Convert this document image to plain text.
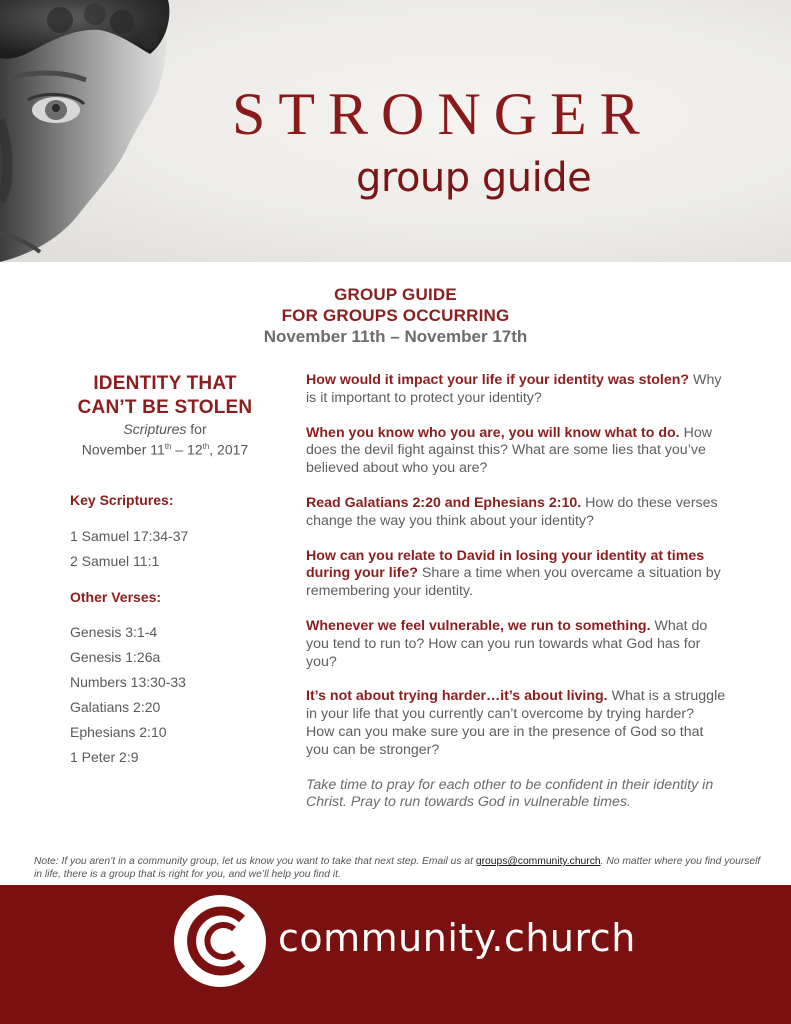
STRONGER
group guide
GROUP GUIDE
FOR GROUPS OCCURRING
November 11th – November 17th
IDENTITY THAT
CAN’T BE STOLEN
Scriptures for
November 11th – 12th, 2017
Key Scriptures:
1 Samuel 17:34-37
2 Samuel 11:1
Other Verses:
Genesis 3:1-4
Genesis 1:26a
Numbers 13:30-33
Galatians 2:20
Ephesians 2:10
1 Peter 2:9

How would it impact your life if your identity was stolen? Why is it important to protect your identity?

When you know who you are, you will know what to do. How does the devil fight against this? What are some lies that you’ve believed about who you are?

Read Galatians 2:20 and Ephesians 2:10. How do these verses change the way you think about your identity?

How can you relate to David in losing your identity at times during your life? Share a time when you overcame a situation by remembering your identity.

Whenever we feel vulnerable, we run to something. What do you tend to run to? How can you run towards what God has for you?

It’s not about trying harder…it’s about living. What is a struggle in your life that you currently can’t overcome by trying harder? How can you make sure you are in the presence of God so that you can be stronger?

Take time to pray for each other to be confident in their identity in Christ. Pray to run towards God in vulnerable times.

Note: If you aren’t in a community group, let us know you want to take that next step. Email us at groups@community.church. No matter where you find yourself in life, there is a group that is right for you, and we’ll help you find it.
community.church
